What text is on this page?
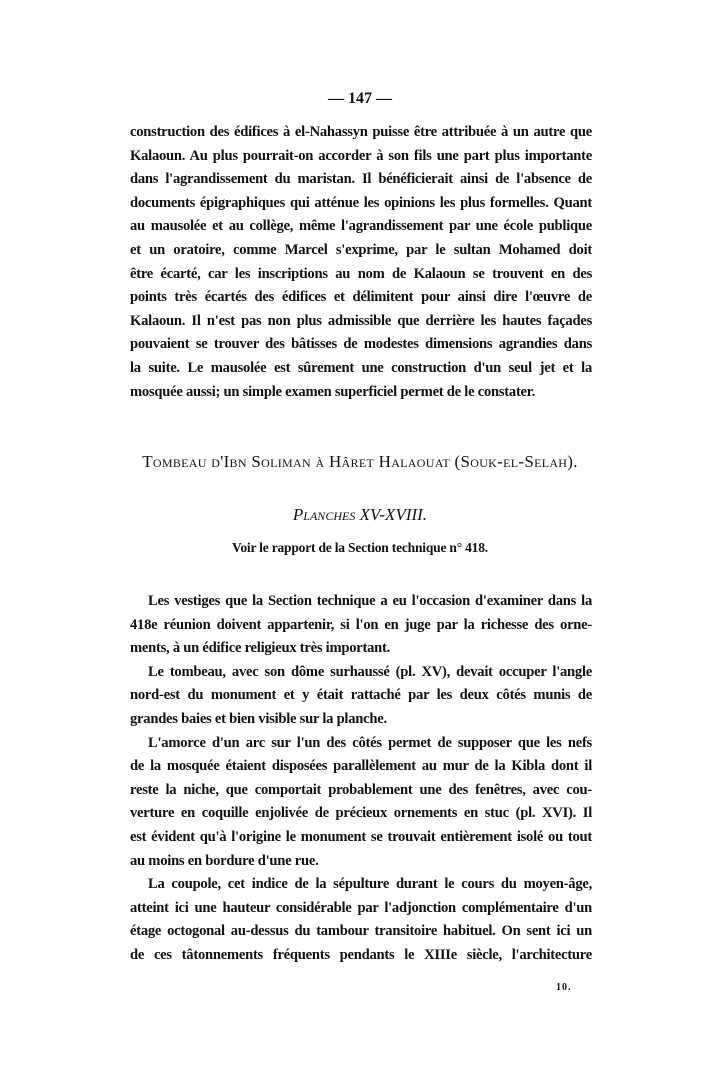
— 147 —
construction des édifices à el-Nahassyn puisse être attribuée à un autre que
Kalaoun. Au plus pourrait-on accorder à son fils une part plus importante
dans l'agrandissement du maristan. Il bénéficierait ainsi de l'absence de
documents épigraphiques qui atténue les opinions les plus formelles. Quant
au mausolée et au collège, même l'agrandissement par une école publique
et un oratoire, comme Marcel s'exprime, par le sultan Mohamed doit
être écarté, car les inscriptions au nom de Kalaoun se trouvent en des
points très écartés des édifices et délimitent pour ainsi dire l'œuvre de
Kalaoun. Il n'est pas non plus admissible que derrière les hautes façades
pouvaient se trouver des bâtisses de modestes dimensions agrandies dans
la suite. Le mausolée est sûrement une construction d'un seul jet et la
mosquée aussi; un simple examen superficiel permet de le constater.
Tombeau d'Ibn Soliman à Hâret Halaouat (Souk-el-Selah).
Planches XV-XVIII.
Voir le rapport de la Section technique n° 418.
Les vestiges que la Section technique a eu l'occasion d'examiner dans la
418e réunion doivent appartenir, si l'on en juge par la richesse des orne-
ments, à un édifice religieux très important.
Le tombeau, avec son dôme surhaussé (pl. XV), devait occuper l'angle
nord-est du monument et y était rattaché par les deux côtés munis de
grandes baies et bien visible sur la planche.
L'amorce d'un arc sur l'un des côtés permet de supposer que les nefs
de la mosquée étaient disposées parallèlement au mur de la Kibla dont il
reste la niche, que comportait probablement une des fenêtres, avec cou-
verture en coquille enjolivée de précieux ornements en stuc (pl. XVI). Il
est évident qu'à l'origine le monument se trouvait entièrement isolé ou tout
au moins en bordure d'une rue.
La coupole, cet indice de la sépulture durant le cours du moyen-âge,
atteint ici une hauteur considérable par l'adjonction complémentaire d'un
étage octogonal au-dessus du tambour transitoire habituel. On sent ici un
de ces tâtonnements fréquents pendants le XIIIe siècle, l'architecture
10.
